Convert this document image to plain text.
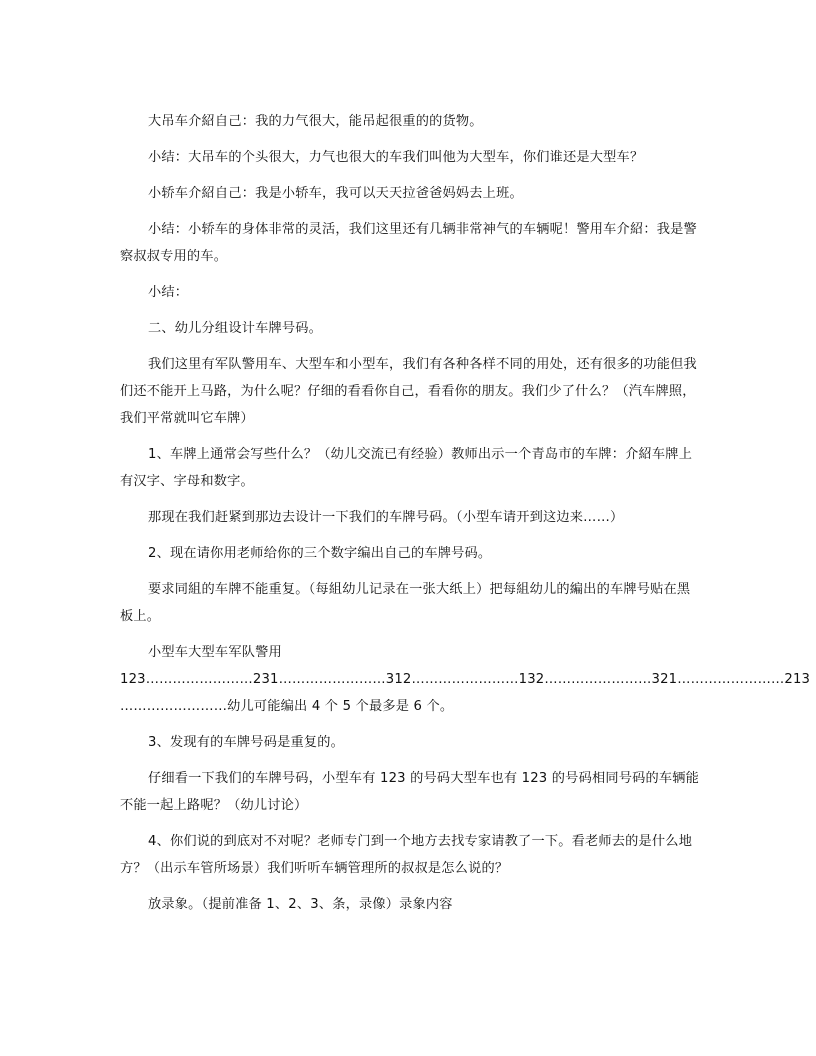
大吊车介紹自己：我的力气很大，能吊起很重的的货物。

小结：大吊车的个头很大，力气也很大的车我们叫他为大型车，你们谁还是大型车？

小轿车介紹自己：我是小轿车，我可以天天拉爸爸妈妈去上班。

小结：小轿车的身体非常的灵活，我们这里还有几辆非常神气的车辆呢！警用车介紹：我是警察叔叔专用的车。

小结：

二、幼儿分组设计车牌号码。

我们这里有军队警用车、大型车和小型车，我们有各种各样不同的用处，还有很多的功能但我们还不能开上马路，为什么呢？仔细的看看你自己，看看你的朋友。我们少了什么？（汽车牌照，我们平常就叫它车牌）

1、车牌上通常会写些什么？（幼儿交流已有经验）教师出示一个青岛市的车牌：介紹车牌上有汉字、字母和数字。

那现在我们赶紧到那边去设计一下我们的车牌号码。（小型车请开到这边来……）

2、现在请你用老师给你的三个数字编出自己的车牌号码。

要求同組的车牌不能重复。（每組幼儿记录在一张大纸上）把每組幼儿的編出的车牌号贴在黑板上。

小型车大型车军队警用
123……………………231……………………312……………………132……………………321……………………213
……………………幼儿可能编出 4 个 5 个最多是 6 个。

3、发现有的车牌号码是重复的。

仔细看一下我们的车牌号码，小型车有 123 的号码大型车也有 123 的号码相同号码的车辆能不能一起上路呢？（幼儿讨论）

4、你们说的到底对不对呢？老师专门到一个地方去找专家请教了一下。看老师去的是什么地方？（出示车管所场景）我们听听车辆管理所的叔叔是怎么说的？

放录象。（提前准备 1、2、3、条，录像）录象内容
